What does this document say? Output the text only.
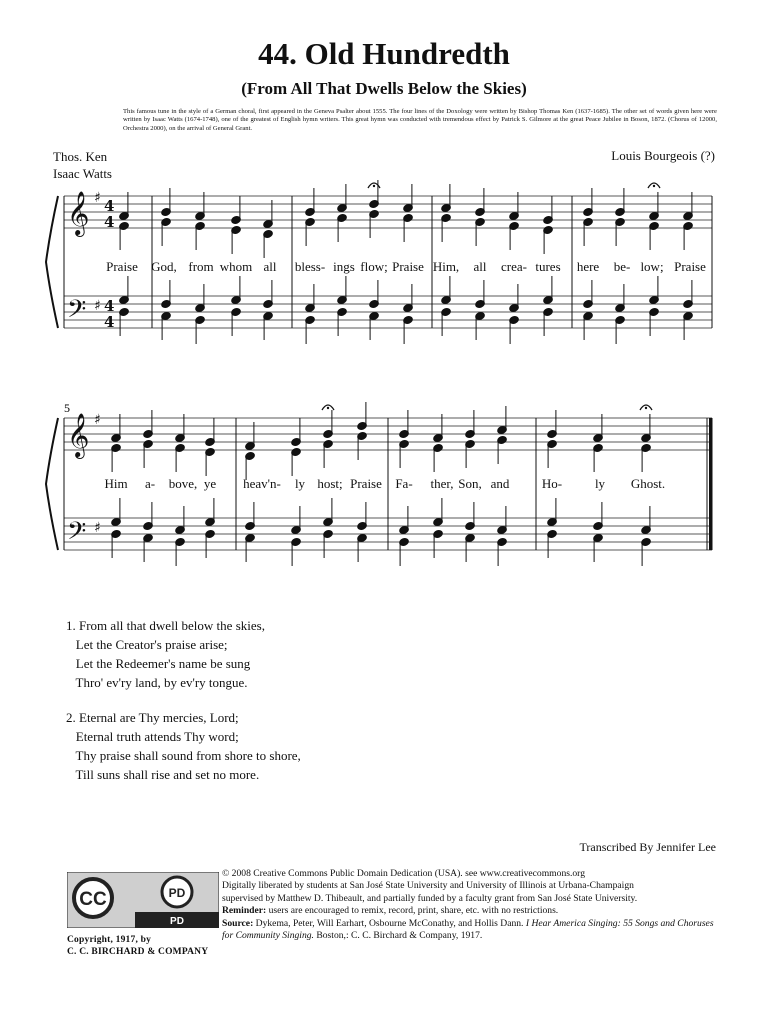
44. Old Hundredth
(From All That Dwells Below the Skies)
This famous tune in the style of a German choral, first appeared in the Geneva Psalter about 1555. The four lines of the Doxology were written by Bishop Thomas Ken (1637-1685). The other set of words given here were written by Isaac Watts (1674-1748), one of the greatest of English hymn writers. This great hymn was conducted with tremendous effect by Patrick S. Gilmore at the great Peace Jubilee in Boson, 1872. (Chorus of 12000, Orchestra 2000), on the arrival of General Grant.
Thos. Ken
Isaac Watts
Louis Bourgeois (?)
𝄞
𝄢
♯
♯
4
4
4
4
Praise God, from whom all bless- ings flow; Praise Him, all crea- tures here be- low; Praise
5
𝄞
𝄢
♯
♯
Him a- bove, ye heav'n- ly host; Praise Fa- ther, Son, and	Ho-	ly Ghost.
1. From all that dwell below the skies,
Let the Creator's praise arise;
Let the Redeemer's name be sung
Thro' ev'ry land, by ev'ry tongue.
2. Eternal are Thy mercies, Lord;
Eternal truth attends Thy word;
Thy praise shall sound from shore to shore,
Till suns shall rise and set no more.
Transcribed By Jennifer Lee
CC	PD
PD
Copyright, 1917, by
C. C. BIRCHARD & COMPANY
© 2008 Creative Commons Public Domain Dedication (USA). see www.creativecommons.org
Digitally liberated by students at San José State University and University of Illinois at Urbana-Champaign
supervised by Matthew D. Thibeault, and partially funded by a faculty grant from San José State University.
Reminder: users are encouraged to remix, record, print, share, etc. with no restrictions.
Source: Dykema, Peter, Will Earhart, Osbourne McConathy, and Hollis Dann. I Hear America Singing: 55 Songs and Choruses for Community Singing. Boston,: C. C. Birchard & Company, 1917.
